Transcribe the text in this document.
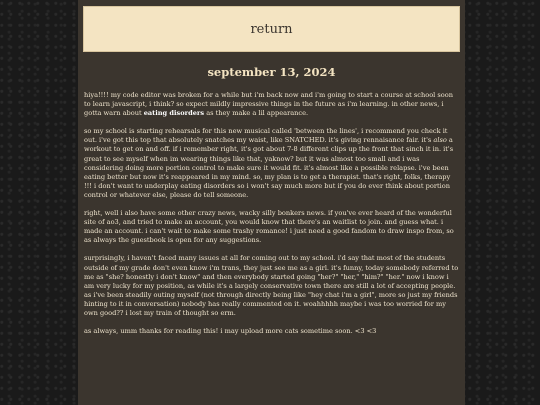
return
september 13, 2024

hiya!!!! my code editor was broken for a while but i'm back now and i'm going to start a course at school soon to learn javascript, i think? so expect mildly impressive things in the future as i'm learning. in other news, i gotta warn about eating disorders as they make a lil appearance.

so my school is starting rehearsals for this new musical called 'between the lines', i recommend you check it out. i've got this top that absolutely snatches my waist, like SNATCHED. it's giving rennaisance fair. it's also a workout to get on and off. if i remember right, it's got about 7-8 different clips up the front that sinch it in. it's great to see myself when im wearing things like that, yaknow? but it was almost too small and i was considering doing more portion control to make sure it would fit. it's almost like a possible relapse. i've been eating better but now it's reappeared in my mind. so, my plan is to get a therapist. that's right, folks, therapy !!! i don't want to underplay eating disorders so i won't say much more but if you do ever think about portion control or whatever else, please do tell someone.

right, well i also have some other crazy news, wacky silly bonkers news. if you've ever heard of the wonderful site of ao3, and tried to make an account, you would know that there's an waitlist to join. and guess what. i made an account. i can't wait to make some trashy romance! i just need a good fandom to draw inspo from, so as always the guestbook is open for any suggestions.

surprisingly, i haven't faced many issues at all for coming out to my school. i'd say that most of the students outside of my grade don't even know i'm trans, they just see me as a girl. it's funny, today somebody referred to me as "she? honestly i don't know" and then everybody started going "her?" "her," "him?" "her." now i know i am very lucky for my position, as while it's a largely conservative town there are still a lot of accepting people. as i've been steadily outing myself (not through directly being like "hey chat i'm a girl", more so just my friends hinting to it in conversation) nobody has really commented on it. woahhhhh maybe i was too worried for my own good?? i lost my train of thought so erm.

as always, umm thanks for reading this! i may upload more cats sometime soon. <3 <3
